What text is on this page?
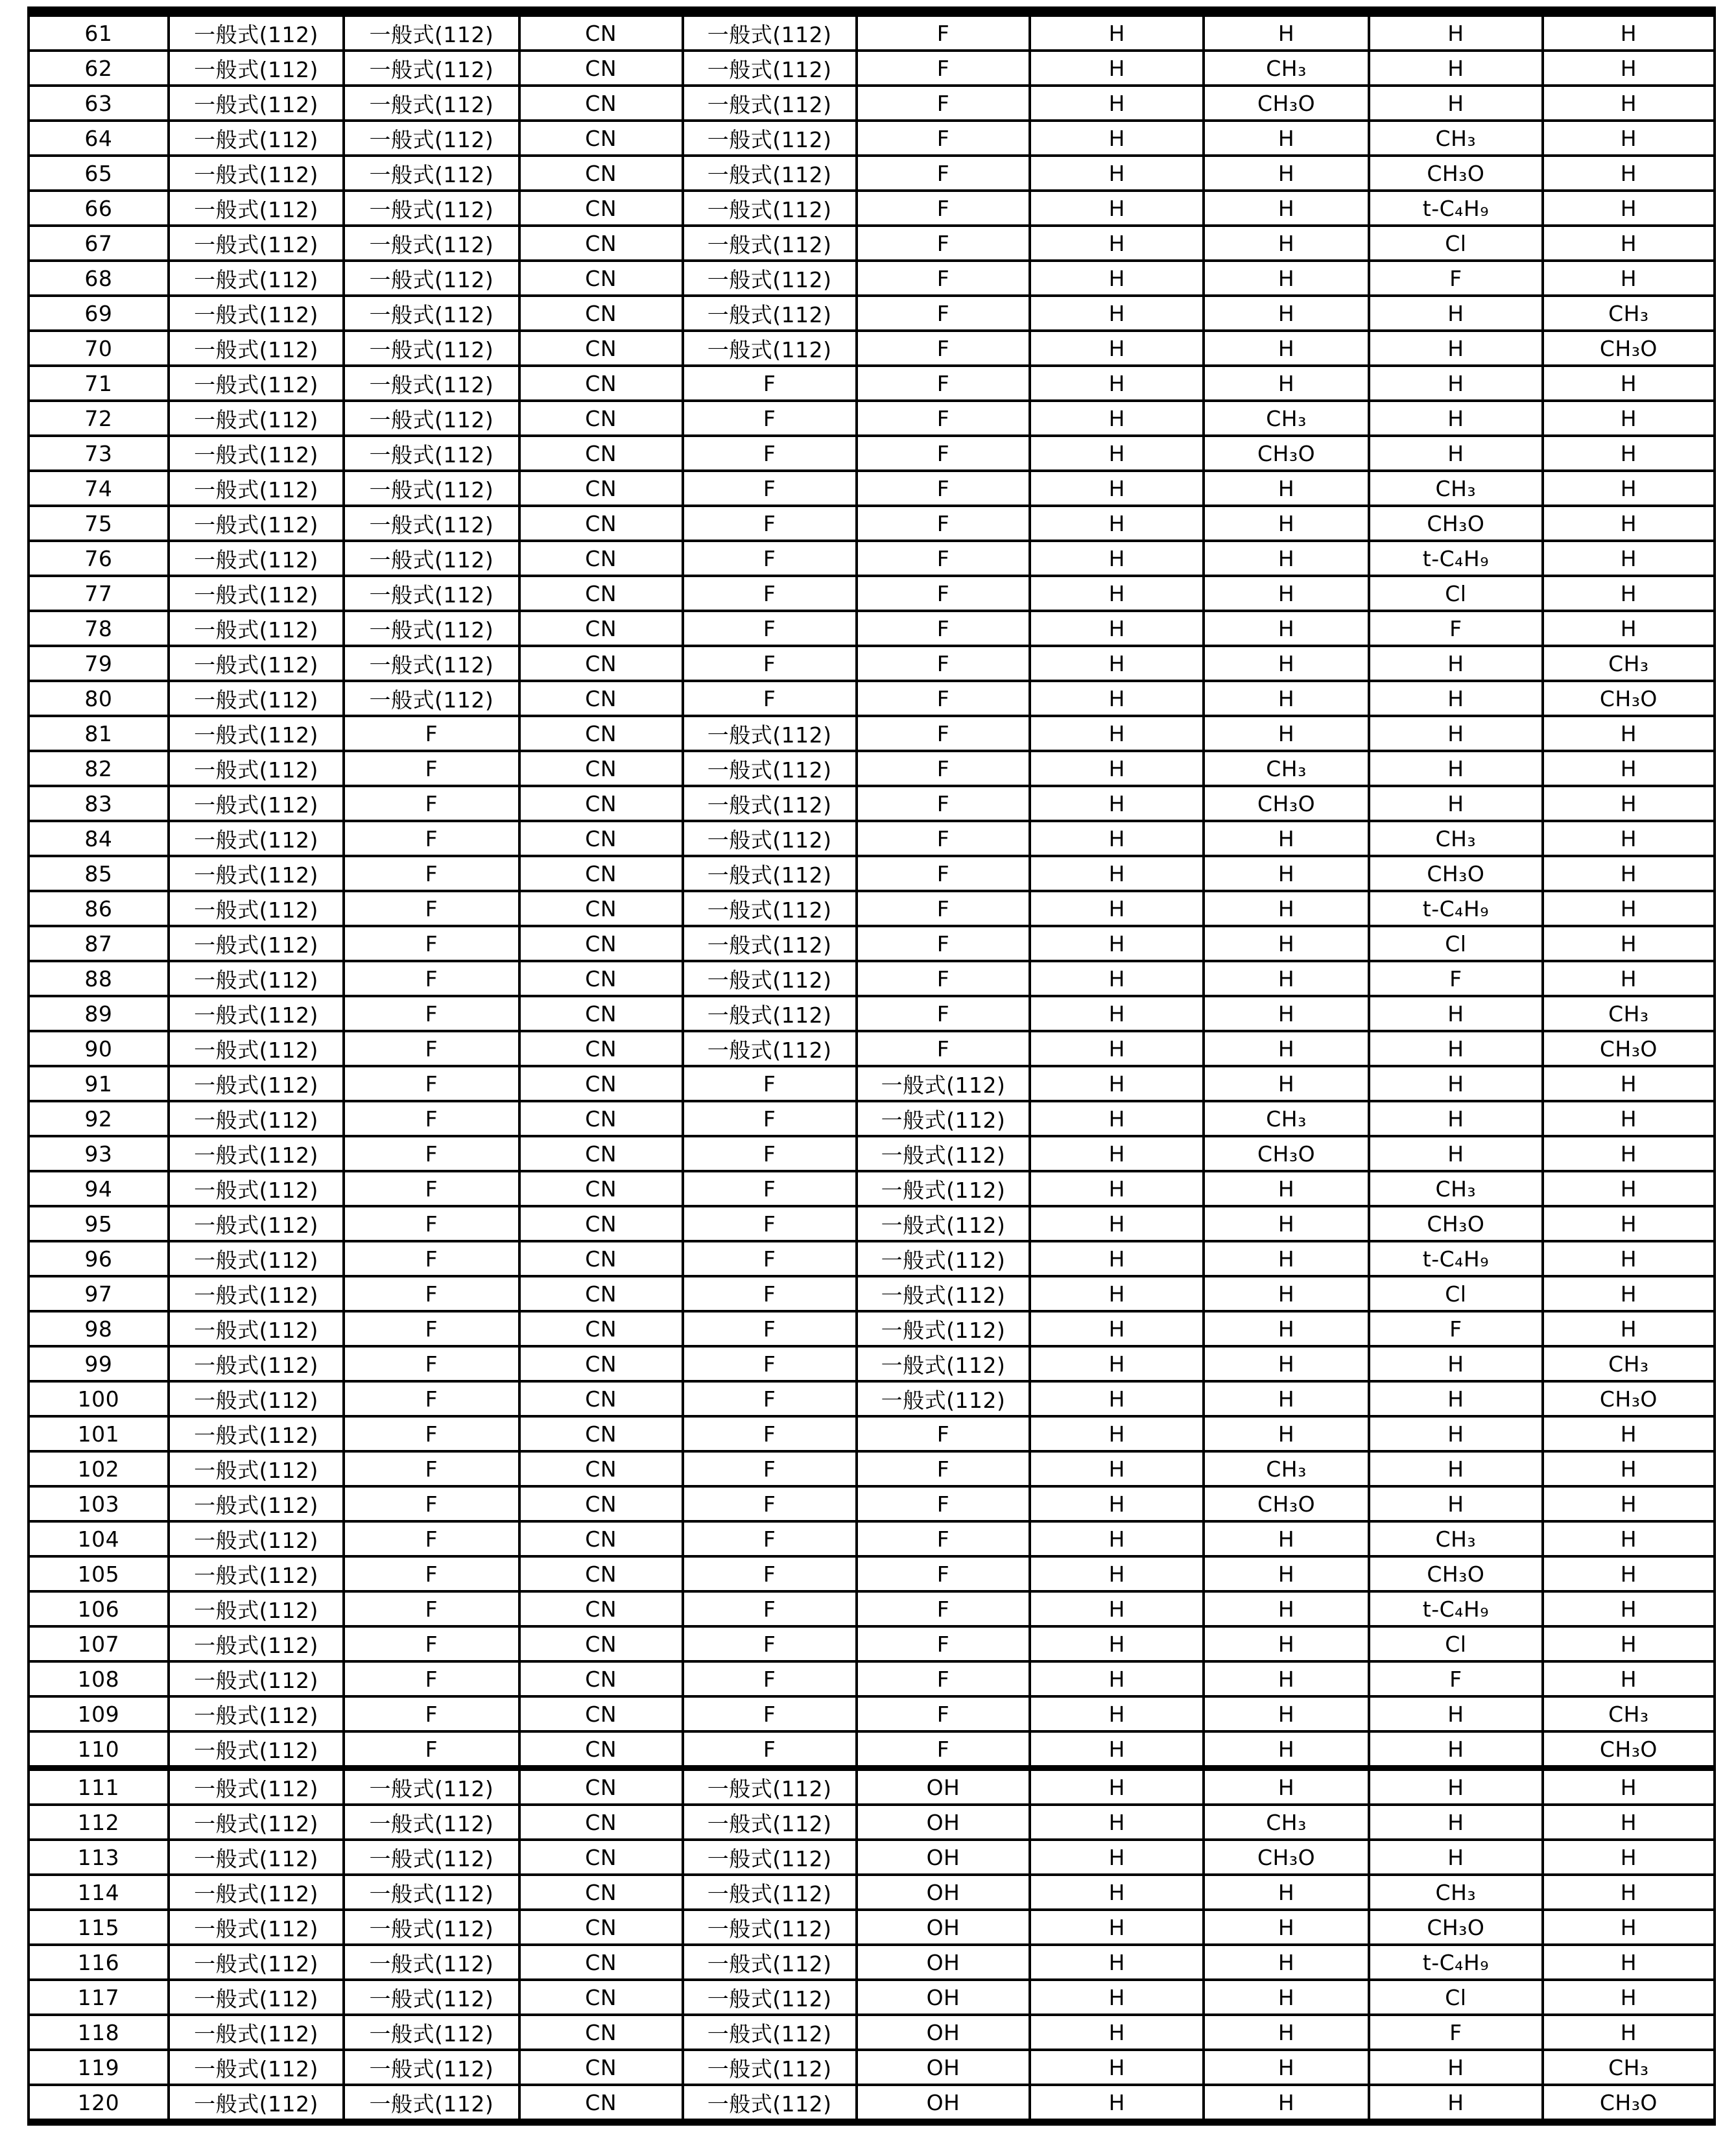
61	一般式(112)	一般式(112)	CN	一般式(112)	F	H	H	H	H
62	一般式(112)	一般式(112)	CN	一般式(112)	F	H	CH₃	H	H
63	一般式(112)	一般式(112)	CN	一般式(112)	F	H	CH₃O	H	H
64	一般式(112)	一般式(112)	CN	一般式(112)	F	H	H	CH₃	H
65	一般式(112)	一般式(112)	CN	一般式(112)	F	H	H	CH₃O	H
66	一般式(112)	一般式(112)	CN	一般式(112)	F	H	H	t-C₄H₉	H
67	一般式(112)	一般式(112)	CN	一般式(112)	F	H	H	Cl	H
68	一般式(112)	一般式(112)	CN	一般式(112)	F	H	H	F	H
69	一般式(112)	一般式(112)	CN	一般式(112)	F	H	H	H	CH₃
70	一般式(112)	一般式(112)	CN	一般式(112)	F	H	H	H	CH₃O
71	一般式(112)	一般式(112)	CN	F	F	H	H	H	H
72	一般式(112)	一般式(112)	CN	F	F	H	CH₃	H	H
73	一般式(112)	一般式(112)	CN	F	F	H	CH₃O	H	H
74	一般式(112)	一般式(112)	CN	F	F	H	H	CH₃	H
75	一般式(112)	一般式(112)	CN	F	F	H	H	CH₃O	H
76	一般式(112)	一般式(112)	CN	F	F	H	H	t-C₄H₉	H
77	一般式(112)	一般式(112)	CN	F	F	H	H	Cl	H
78	一般式(112)	一般式(112)	CN	F	F	H	H	F	H
79	一般式(112)	一般式(112)	CN	F	F	H	H	H	CH₃
80	一般式(112)	一般式(112)	CN	F	F	H	H	H	CH₃O
81	一般式(112)	F	CN	一般式(112)	F	H	H	H	H
82	一般式(112)	F	CN	一般式(112)	F	H	CH₃	H	H
83	一般式(112)	F	CN	一般式(112)	F	H	CH₃O	H	H
84	一般式(112)	F	CN	一般式(112)	F	H	H	CH₃	H
85	一般式(112)	F	CN	一般式(112)	F	H	H	CH₃O	H
86	一般式(112)	F	CN	一般式(112)	F	H	H	t-C₄H₉	H
87	一般式(112)	F	CN	一般式(112)	F	H	H	Cl	H
88	一般式(112)	F	CN	一般式(112)	F	H	H	F	H
89	一般式(112)	F	CN	一般式(112)	F	H	H	H	CH₃
90	一般式(112)	F	CN	一般式(112)	F	H	H	H	CH₃O
91	一般式(112)	F	CN	F	一般式(112)	H	H	H	H
92	一般式(112)	F	CN	F	一般式(112)	H	CH₃	H	H
93	一般式(112)	F	CN	F	一般式(112)	H	CH₃O	H	H
94	一般式(112)	F	CN	F	一般式(112)	H	H	CH₃	H
95	一般式(112)	F	CN	F	一般式(112)	H	H	CH₃O	H
96	一般式(112)	F	CN	F	一般式(112)	H	H	t-C₄H₉	H
97	一般式(112)	F	CN	F	一般式(112)	H	H	Cl	H
98	一般式(112)	F	CN	F	一般式(112)	H	H	F	H
99	一般式(112)	F	CN	F	一般式(112)	H	H	H	CH₃
100	一般式(112)	F	CN	F	一般式(112)	H	H	H	CH₃O
101	一般式(112)	F	CN	F	F	H	H	H	H
102	一般式(112)	F	CN	F	F	H	CH₃	H	H
103	一般式(112)	F	CN	F	F	H	CH₃O	H	H
104	一般式(112)	F	CN	F	F	H	H	CH₃	H
105	一般式(112)	F	CN	F	F	H	H	CH₃O	H
106	一般式(112)	F	CN	F	F	H	H	t-C₄H₉	H
107	一般式(112)	F	CN	F	F	H	H	Cl	H
108	一般式(112)	F	CN	F	F	H	H	F	H
109	一般式(112)	F	CN	F	F	H	H	H	CH₃
110	一般式(112)	F	CN	F	F	H	H	H	CH₃O
111	一般式(112)	一般式(112)	CN	一般式(112)	OH	H	H	H	H
112	一般式(112)	一般式(112)	CN	一般式(112)	OH	H	CH₃	H	H
113	一般式(112)	一般式(112)	CN	一般式(112)	OH	H	CH₃O	H	H
114	一般式(112)	一般式(112)	CN	一般式(112)	OH	H	H	CH₃	H
115	一般式(112)	一般式(112)	CN	一般式(112)	OH	H	H	CH₃O	H
116	一般式(112)	一般式(112)	CN	一般式(112)	OH	H	H	t-C₄H₉	H
117	一般式(112)	一般式(112)	CN	一般式(112)	OH	H	H	Cl	H
118	一般式(112)	一般式(112)	CN	一般式(112)	OH	H	H	F	H
119	一般式(112)	一般式(112)	CN	一般式(112)	OH	H	H	H	CH₃
120	一般式(112)	一般式(112)	CN	一般式(112)	OH	H	H	H	CH₃O
